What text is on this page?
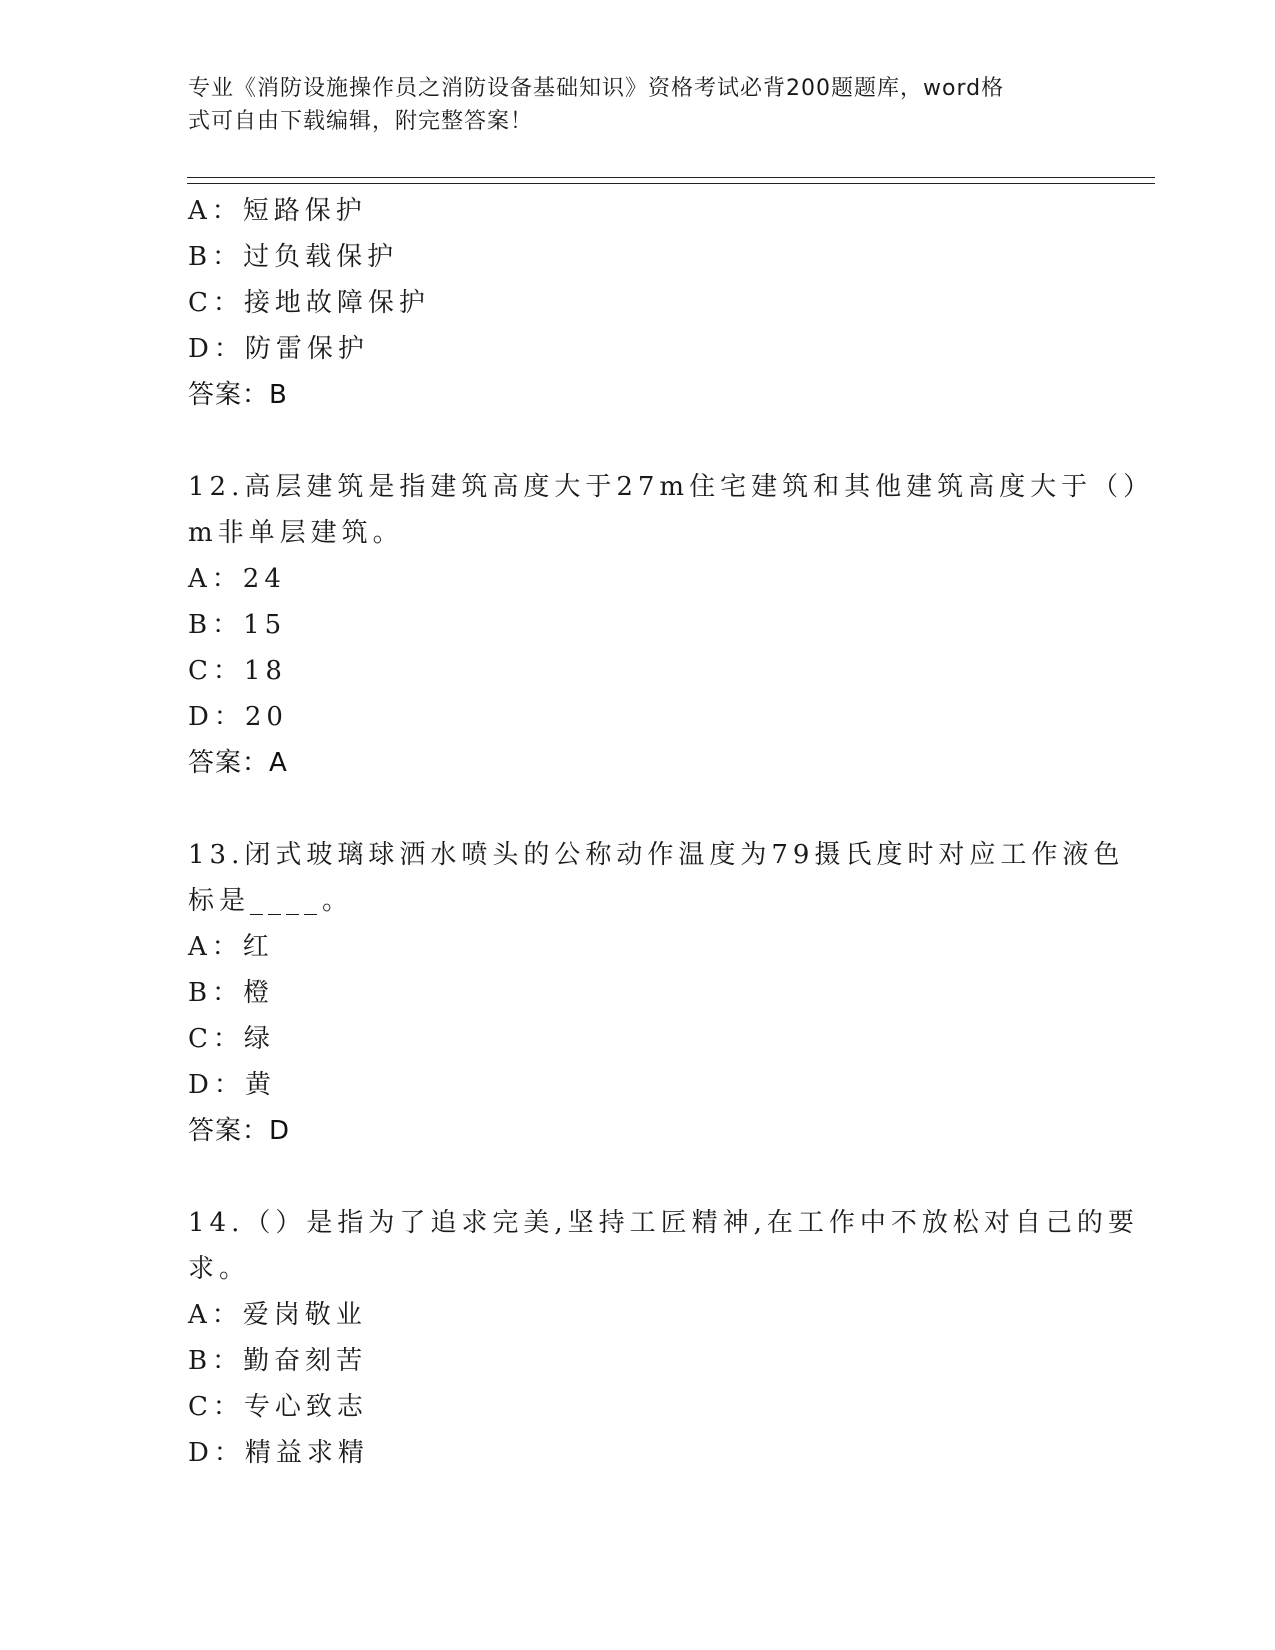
专业《消防设施操作员之消防设备基础知识》资格考试必背200题题库，word格
式可自由下载编辑，附完整答案！
A：短路保护
B：过负载保护
C：接地故障保护
D：防雷保护
答案：B
12.高层建筑是指建筑高度大于27m住宅建筑和其他建筑高度大于（）
m非单层建筑。
A：24
B：15
C：18
D：20
答案：A
13.闭式玻璃球洒水喷头的公称动作温度为79摄氏度时对应工作液色
标是____。
A：红
B：橙
C：绿
D：黄
答案：D
14.（）是指为了追求完美,坚持工匠精神,在工作中不放松对自己的要
求。
A：爱岗敬业
B：勤奋刻苦
C：专心致志
D：精益求精
